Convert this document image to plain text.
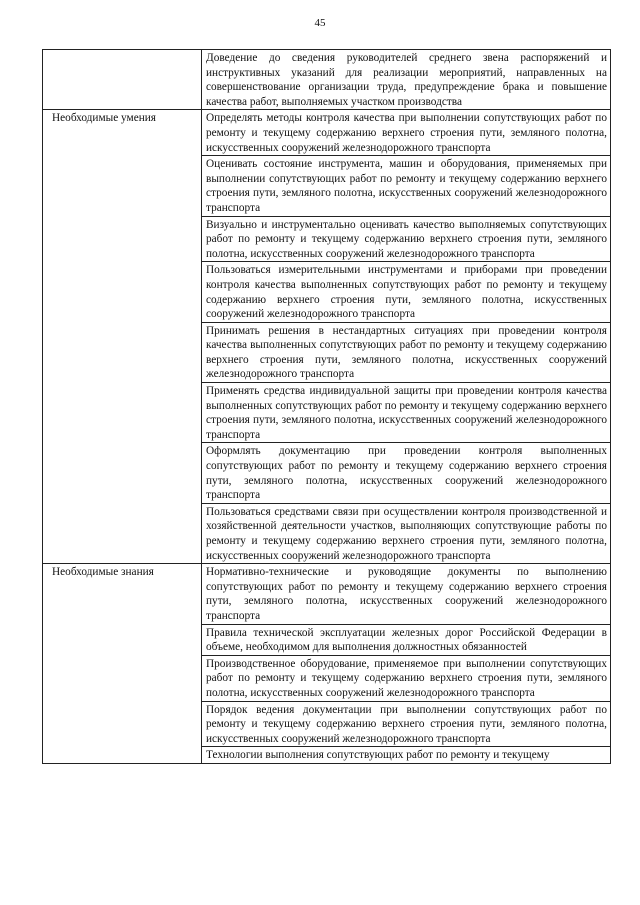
45
	Доведение до сведения руководителей среднего звена распоряжений и инструктивных указаний для реализации мероприятий, направленных на совершенствование организации труда, предупреждение брака и повышение качества работ, выполняемых участком производства
Необходимые умения	Определять методы контроля качества при выполнении сопутствующих работ по ремонту и текущему содержанию верхнего строения пути, земляного полотна, искусственных сооружений железнодорожного транспорта
	Оценивать состояние инструмента, машин и оборудования, применяемых при выполнении сопутствующих работ по ремонту и текущему содержанию верхнего строения пути, земляного полотна, искусственных сооружений железнодорожного транспорта
	Визуально и инструментально оценивать качество выполняемых сопутствующих работ по ремонту и текущему содержанию верхнего строения пути, земляного полотна, искусственных сооружений железнодорожного транспорта
	Пользоваться измерительными инструментами и приборами при проведении контроля качества выполненных сопутствующих работ по ремонту и текущему содержанию верхнего строения пути, земляного полотна, искусственных сооружений железнодорожного транспорта
	Принимать решения в нестандартных ситуациях при проведении контроля качества выполненных сопутствующих работ по ремонту и текущему содержанию верхнего строения пути, земляного полотна, искусственных сооружений железнодорожного транспорта
	Применять средства индивидуальной защиты при проведении контроля качества выполненных сопутствующих работ по ремонту и текущему содержанию верхнего строения пути, земляного полотна, искусственных сооружений железнодорожного транспорта
	Оформлять документацию при проведении контроля выполненных сопутствующих работ по ремонту и текущему содержанию верхнего строения пути, земляного полотна, искусственных сооружений железнодорожного транспорта
	Пользоваться средствами связи при осуществлении контроля производственной и хозяйственной деятельности участков, выполняющих сопутствующие работы по ремонту и текущему содержанию верхнего строения пути, земляного полотна, искусственных сооружений железнодорожного транспорта
Необходимые знания	Нормативно-технические и руководящие документы по выполнению сопутствующих работ по ремонту и текущему содержанию верхнего строения пути, земляного полотна, искусственных сооружений железнодорожного транспорта
	Правила технической эксплуатации железных дорог Российской Федерации в объеме, необходимом для выполнения должностных обязанностей
	Производственное оборудование, применяемое при выполнении сопутствующих работ по ремонту и текущему содержанию верхнего строения пути, земляного полотна, искусственных сооружений железнодорожного транспорта
	Порядок ведения документации при выполнении сопутствующих работ по ремонту и текущему содержанию верхнего строения пути, земляного полотна, искусственных сооружений железнодорожного транспорта
	Технологии выполнения сопутствующих работ по ремонту и текущему
